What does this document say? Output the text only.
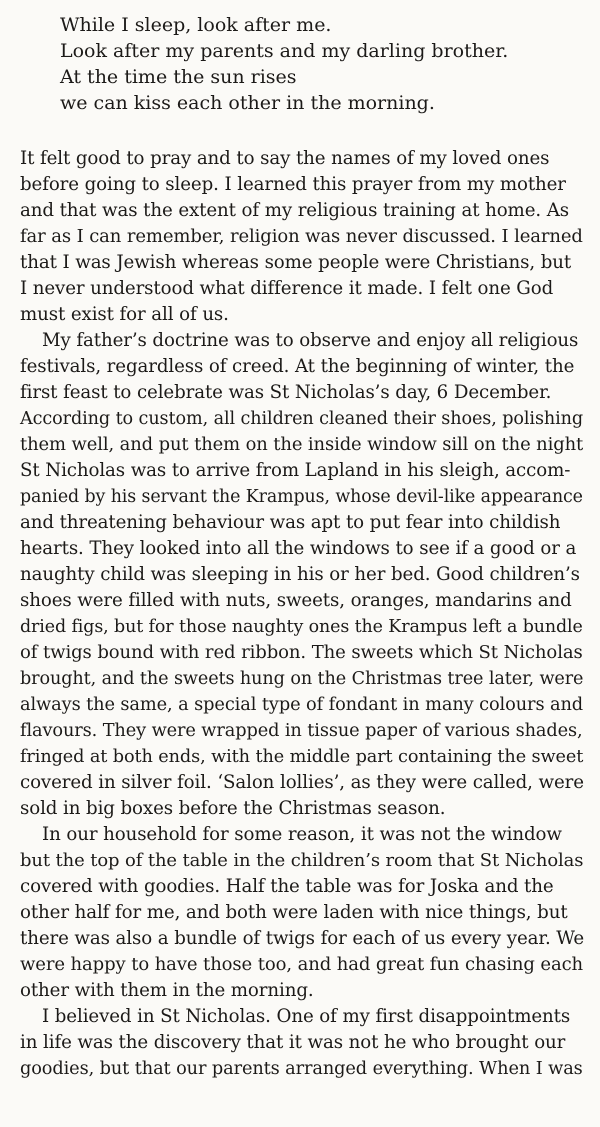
While I sleep, look after me.

Look after my parents and my darling brother.

At the time the sun rises

we can kiss each other in the morning.

It felt good to pray and to say the names of my loved ones

before going to sleep. I learned this prayer from my mother

and that was the extent of my religious training at home. As

far as I can remember, religion was never discussed. I learned

that I was Jewish whereas some people were Christians, but

I never understood what difference it made. I felt one God

must exist for all of us.

My father’s doctrine was to observe and enjoy all religious

festivals, regardless of creed. At the beginning of winter, the

first feast to celebrate was St Nicholas’s day, 6 December.

According to custom, all children cleaned their shoes, polishing

them well, and put them on the inside window sill on the night

St Nicholas was to arrive from Lapland in his sleigh, accom-

panied by his servant the Krampus, whose devil-like appearance

and threatening behaviour was apt to put fear into childish

hearts. They looked into all the windows to see if a good or a

naughty child was sleeping in his or her bed. Good children’s

shoes were filled with nuts, sweets, oranges, mandarins and

dried figs, but for those naughty ones the Krampus left a bundle

of twigs bound with red ribbon. The sweets which St Nicholas

brought, and the sweets hung on the Christmas tree later, were

always the same, a special type of fondant in many colours and

flavours. They were wrapped in tissue paper of various shades,

fringed at both ends, with the middle part containing the sweet

covered in silver foil. ‘Salon lollies’, as they were called, were

sold in big boxes before the Christmas season.

In our household for some reason, it was not the window

but the top of the table in the children’s room that St Nicholas

covered with goodies. Half the table was for Joska and the

other half for me, and both were laden with nice things, but

there was also a bundle of twigs for each of us every year. We

were happy to have those too, and had great fun chasing each

other with them in the morning.

I believed in St Nicholas. One of my first disappointments

in life was the discovery that it was not he who brought our

goodies, but that our parents arranged everything. When I was
